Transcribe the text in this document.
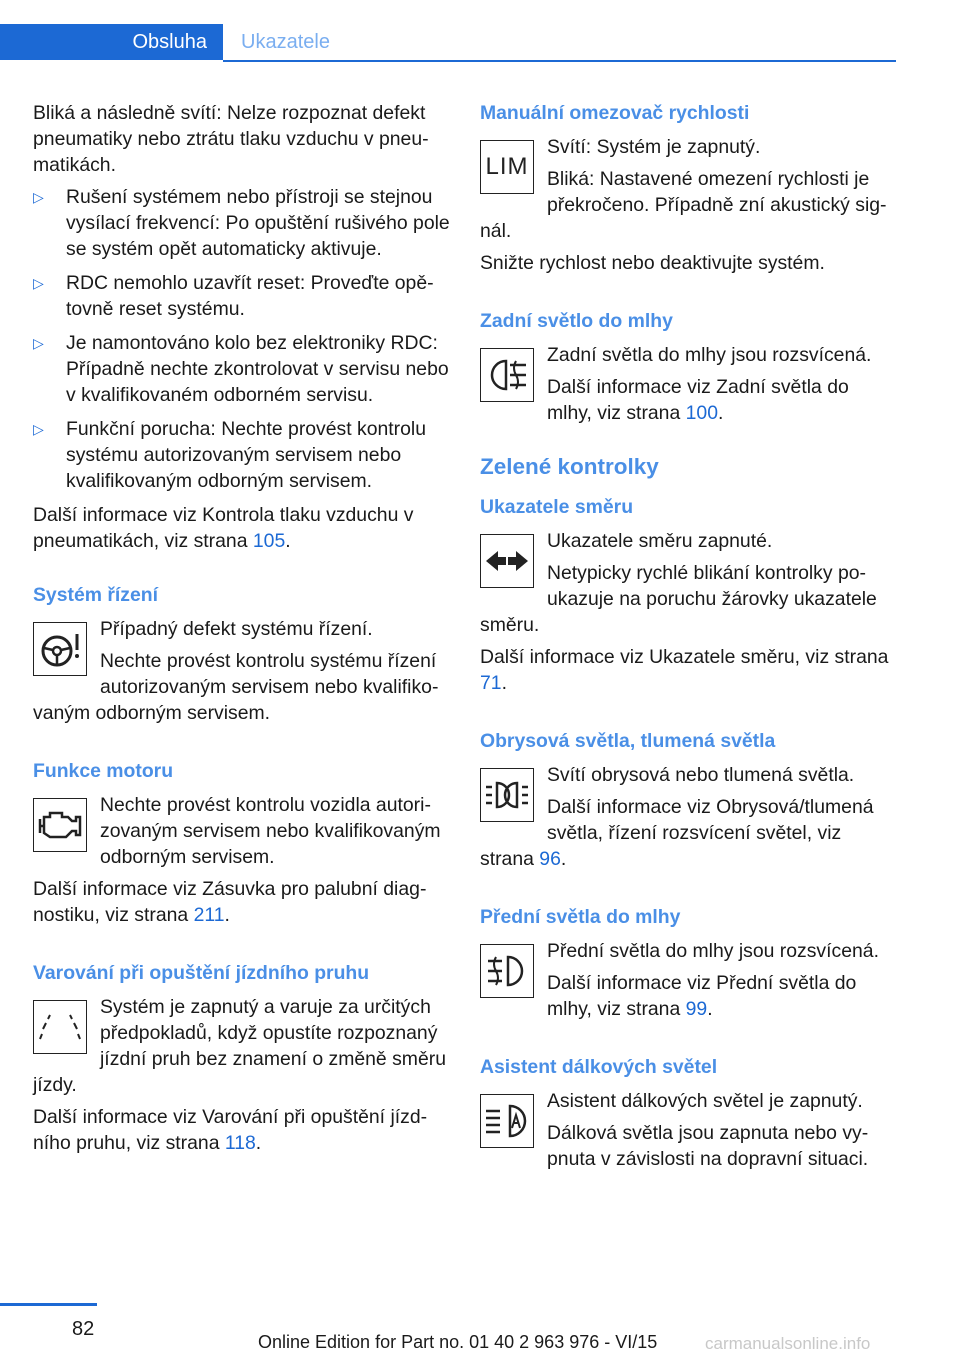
Obsluha	Ukazatele

Bliká a následně svítí: Nelze rozpoznat defekt pneumatiky nebo ztrátu tlaku vzduchu v pneumatikách.

▷ Rušení systémem nebo přístroji se stejnou vysílací frekvencí: Po opuštění rušivého pole se systém opět automaticky aktivuje.
▷ RDC nemohlo uzavřít reset: Proveďte opětovně reset systému.
▷ Je namontováno kolo bez elektroniky RDC: Případně nechte zkontrolovat v servisu nebo v kvalifikovaném odborném servisu.
▷ Funkční porucha: Nechte provést kontrolu systému autorizovaným servisem nebo kvalifikovaným odborným servisem.

Další informace viz Kontrola tlaku vzduchu v pneumatikách, viz strana 105.

Systém řízení

Případný defekt systému řízení.

Nechte provést kontrolu systému řízení autorizovaným servisem nebo kvalifikovaným odborným servisem.

Funkce motoru

Nechte provést kontrolu vozidla autorizovaným servisem nebo kvalifikovaným odborným servisem.

Další informace viz Zásuvka pro palubní diagnostiku, viz strana 211.

Varování při opuštění jízdního pruhu

Systém je zapnutý a varuje za určitých předpokladů, když opustíte rozpoznaný jízdní pruh bez znamení o změně směru jízdy.

Další informace viz Varování při opuštění jízdního pruhu, viz strana 118.

Manuální omezovač rychlosti
LIM

Svítí: Systém je zapnutý.

Bliká: Nastavené omezení rychlosti je překročeno. Případně zní akustický signál.

Snižte rychlost nebo deaktivujte systém.

Zadní světlo do mlhy

Zadní světla do mlhy jsou rozsvícená.

Další informace viz Zadní světla do mlhy, viz strana 100.

Zelené kontrolky
Ukazatele směru

Ukazatele směru zapnuté.

Netypicky rychlé blikání kontrolky poukazuje na poruchu žárovky ukazatele směru.

Další informace viz Ukazatele směru, viz strana 71.

Obrysová světla, tlumená světla

Svítí obrysová nebo tlumená světla.

Další informace viz Obrysová/tlumená světla, řízení rozsvícení světel, viz strana 96.

Přední světla do mlhy

Přední světla do mlhy jsou rozsvícená.

Další informace viz Přední světla do mlhy, viz strana 99.

Asistent dálkových světel

Asistent dálkových světel je zapnutý.

Dálková světla jsou zapnuta nebo vypnuta v závislosti na dopravní situaci.

82
Online Edition for Part no. 01 40 2 963 976 - VI/15	carmanualsonline.info
